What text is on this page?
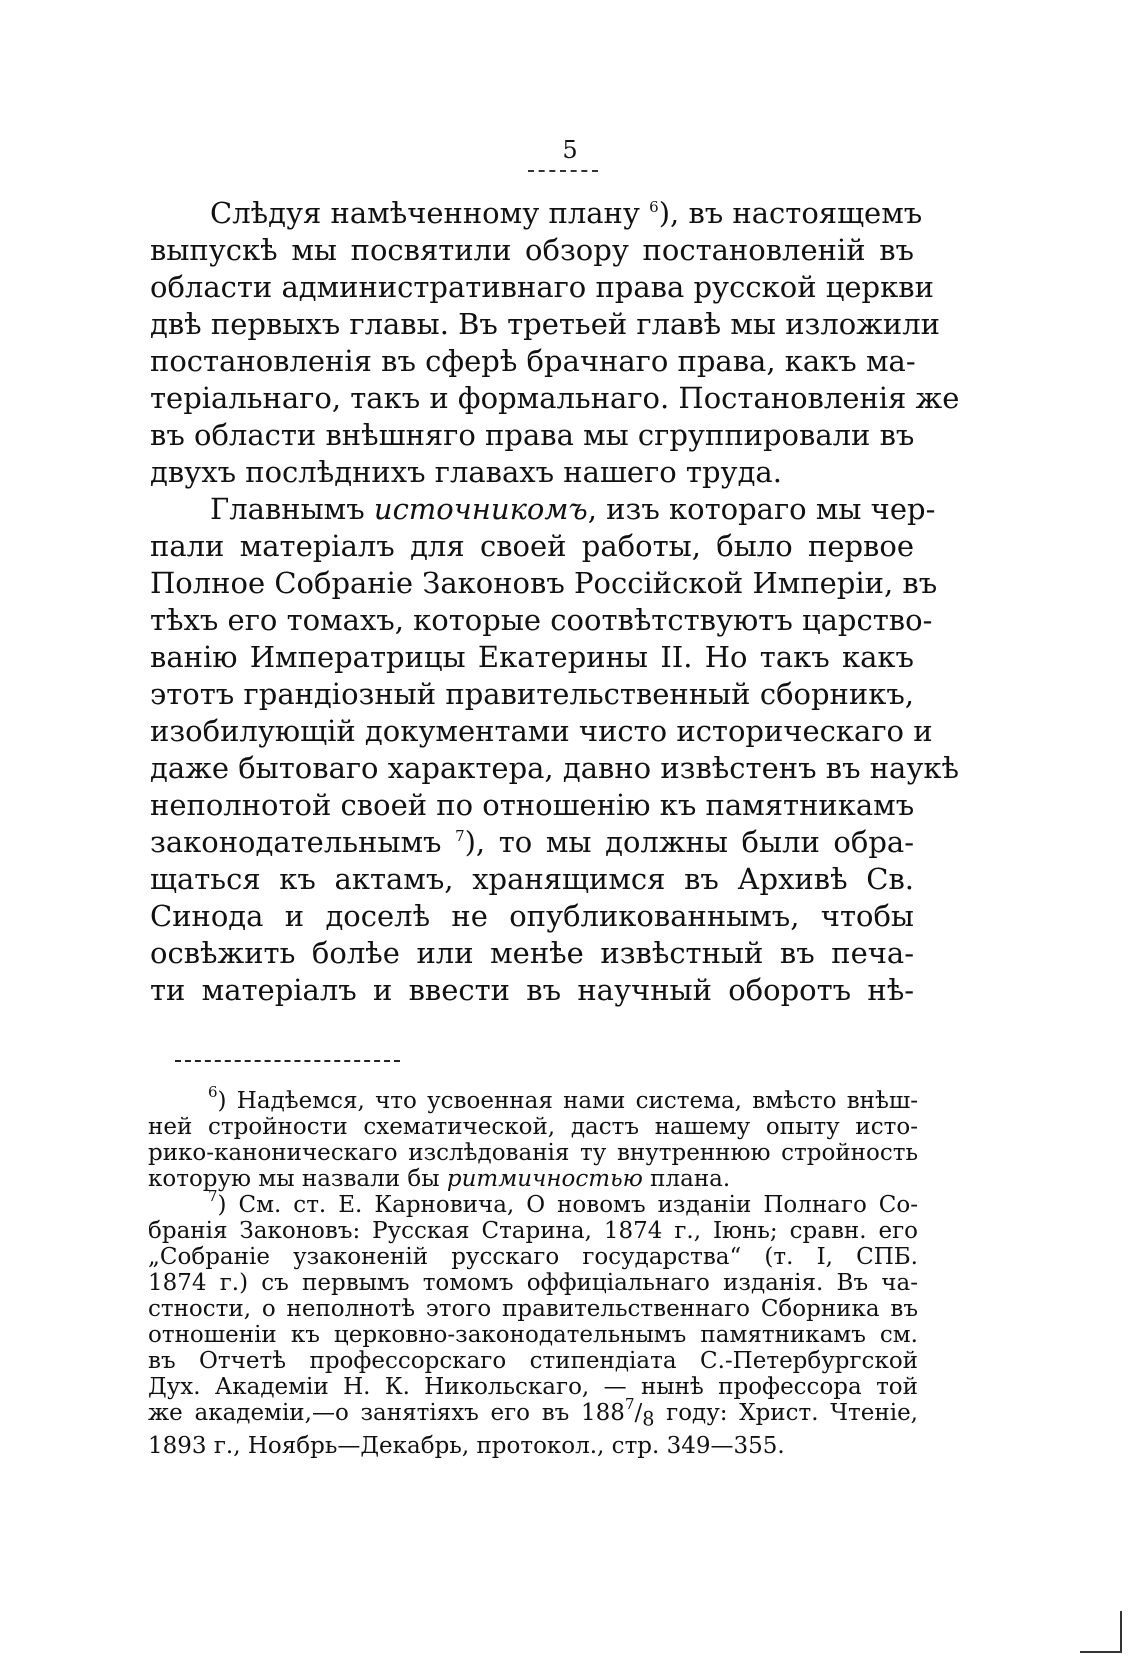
5
Слѣдуя намѣченному плану $^6$), въ настоящемъ
выпускѣ мы посвятили обзору постановленій въ
области административнаго права русской церкви
двѣ первыхъ главы. Въ третьей главѣ мы изложили
постановленія въ сферѣ брачнаго права, какъ ма-
теріальнаго, такъ и формальнаго. Постановленія же
въ области внѣшняго права мы сгруппировали въ
двухъ послѣднихъ главахъ нашего труда.
Главнымъ источникомъ, изъ котораго мы чер-
пали матеріалъ для своей работы, было первое
Полное Собраніе Законовъ Россійской Имперіи, въ
тѣхъ его томахъ, которые соотвѣтствуютъ царство-
ванію Императрицы Екатерины II. Но такъ какъ
этотъ грандіозный правительственный сборникъ,
изобилующій документами чисто историческаго и
даже бытоваго характера, давно извѣстенъ въ наукѣ
неполнотой своей по отношенію къ памятникамъ
законодательнымъ $^7$), то мы должны были обра-
щаться къ актамъ, хранящимся въ Архивѣ Св.
Синода и доселѣ не опубликованнымъ, чтобы
освѣжить болѣе или менѣе извѣстный въ печа-
ти матеріалъ и ввести въ научный оборотъ нѣ-
$^6$) Надѣемся, что усвоенная нами система, вмѣсто внѣш-
ней стройности схематической, дастъ нашему опыту исто-
рико-каноническаго изслѣдованія ту внутреннюю стройность
которую мы назвали бы ритмичностью плана.
$^7$) См. ст. Е. Карновича, О новомъ изданіи Полнаго Со-
бранія Законовъ: Русская Старина, 1874 г., Іюнь; сравн. его
„Собраніе узаконеній русскаго государства“ (т. I, СПБ.
1874 г.) съ первымъ томомъ оффиціальнаго изданія. Въ ча-
стности, о неполнотѣ этого правительственнаго Сборника въ
отношеніи къ церковно-законодательнымъ памятникамъ см.
въ Отчетѣ профессорскаго стипендіата С.-Петербургской
Дух. Академіи Н. К. Никольскаго, — нынѣ профессора той
же академіи,—о занятіяхъ его въ $188^7/_8$ году: Христ. Чтеніе,
1893 г., Ноябрь—Декабрь, протокол., стр. 349—355.
